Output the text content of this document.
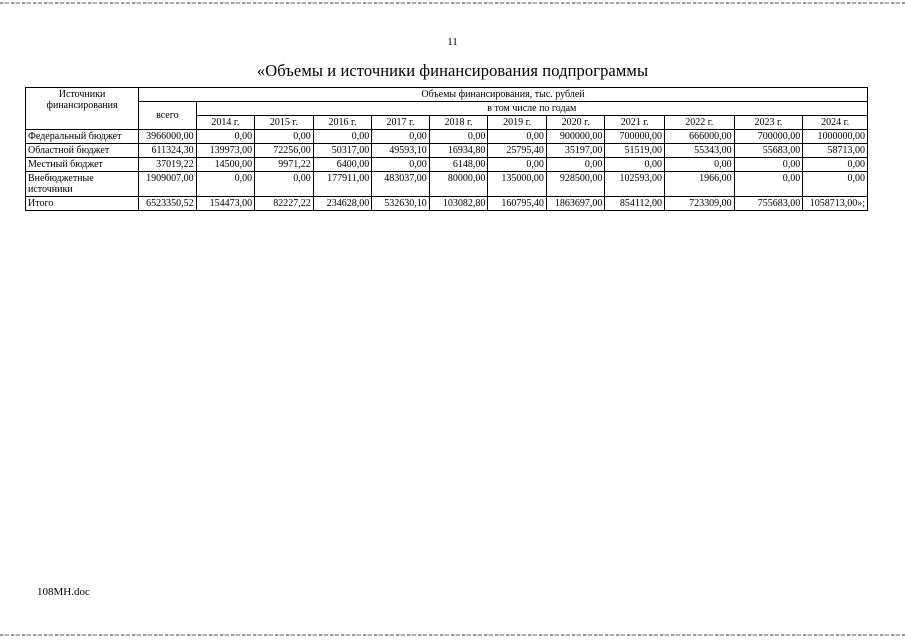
11
«Объемы и источники финансирования подпрограммы
Источники финансирования	Объемы финансирования, тыс. рублей											
	всего	в том числе по годам										
		2014 г.	2015 г.	2016 г.	2017 г.	2018 г.	2019 г.	2020 г.	2021 г.	2022 г.	2023 г.	2024 г.
Федеральный бюджет	3966000,00	0,00	0,00	0,00	0,00	0,00	0,00	900000,00	700000,00	666000,00	700000,00	1000000,00
Областной бюджет	611324,30	139973,00	72256,00	50317,00	49593,10	16934,80	25795,40	35197,00	51519,00	55343,00	55683,00	58713,00
Местный бюджет	37019,22	14500,00	9971,22	6400,00	0,00	6148,00	0,00	0,00	0,00	0,00	0,00	0,00
Внебюджетные источники	1909007,00	0,00	0,00	177911,00	483037,00	80000,00	135000,00	928500,00	102593,00	1966,00	0,00	0,00
Итого	6523350,52	154473,00	82227,22	234628,00	532630,10	103082,80	160795,40	1863697,00	854112,00	723309,00	755683,00	1058713,00»;
108МН.doc
